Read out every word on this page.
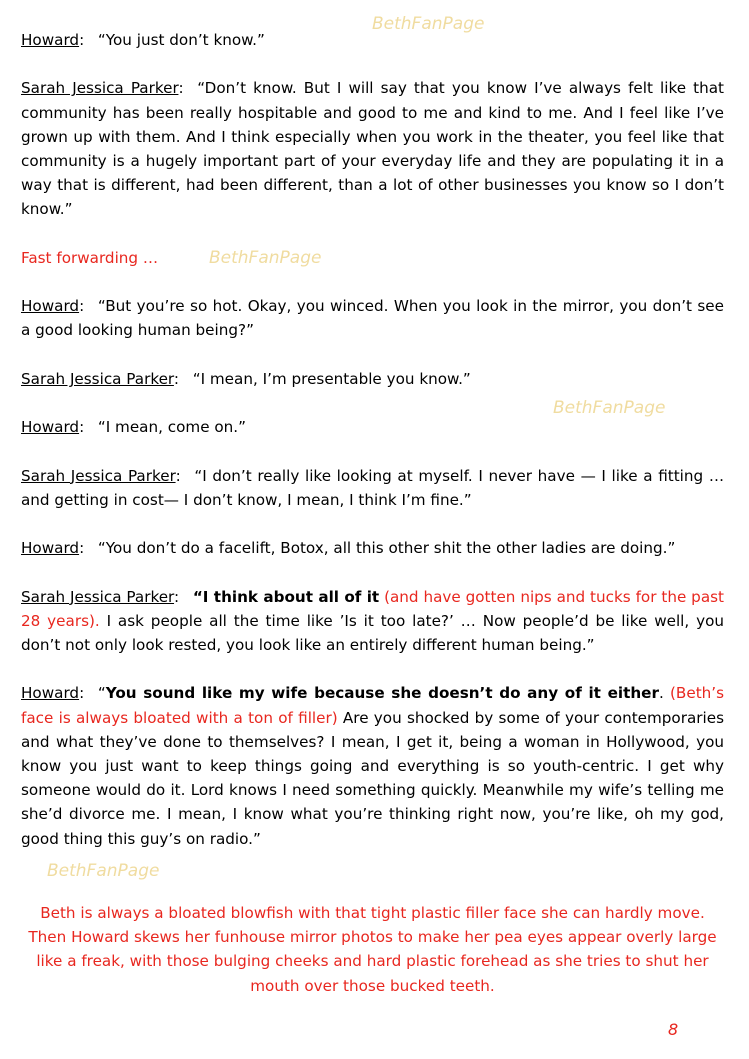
BethFanPage
BethFanPage
BethFanPage
BethFanPage

Howard: “You just don’t know.”

Sarah Jessica Parker: “Don’t know. But I will say that you know I’ve always felt like that community has been really hospitable and good to me and kind to me. And I feel like I’ve grown up with them. And I think especially when you work in the theater, you feel like that community is a hugely important part of your everyday life and they are populating it in a way that is different, had been different, than a lot of other businesses you know so I don’t know.”

Fast forwarding …

Howard: “But you’re so hot. Okay, you winced. When you look in the mirror, you don’t see a good looking human being?”

Sarah Jessica Parker: “I mean, I’m presentable you know.”

Howard: “I mean, come on.”

Sarah Jessica Parker: “I don’t really like looking at myself. I never have — I like a fitting … and getting in cost— I don’t know, I mean, I think I’m fine.”

Howard: “You don’t do a facelift, Botox, all this other shit the other ladies are doing.”

Sarah Jessica Parker: “I think about all of it (and have gotten nips and tucks for the past 28 years). I ask people all the time like ’Is it too late?’ … Now people’d be like well, you don’t not only look rested, you look like an entirely different human being.”

Howard: “You sound like my wife because she doesn’t do any of it either. (Beth’s face is always bloated with a ton of filler) Are you shocked by some of your contemporaries and what they’ve done to themselves? I mean, I get it, being a woman in Hollywood, you know you just want to keep things going and everything is so youth-centric. I get why someone would do it. Lord knows I need something quickly. Meanwhile my wife’s telling me she’d divorce me. I mean, I know what you’re thinking right now, you’re like, oh my god, good thing this guy’s on radio.”

Beth is always a bloated blowfish with that tight plastic filler face she can hardly move. Then Howard skews her funhouse mirror photos to make her pea eyes appear overly large like a freak, with those bulging cheeks and hard plastic forehead as she tries to shut her mouth over those bucked teeth.
8
